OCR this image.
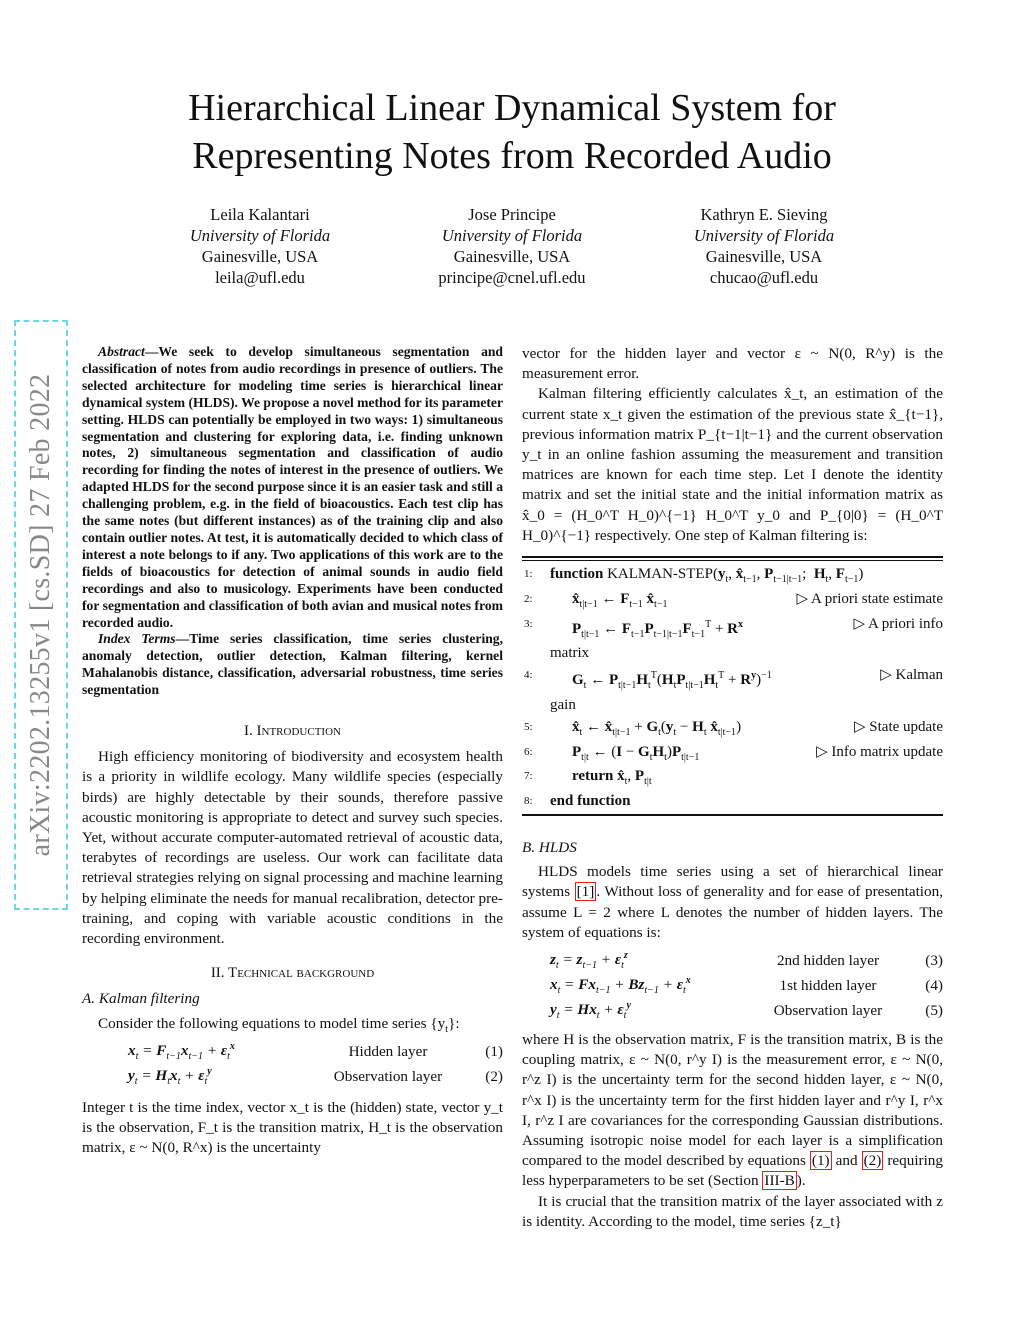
Hierarchical Linear Dynamical System for
Representing Notes from Recorded Audio
Leila Kalantari
University of Florida
Gainesville, USA
leila@ufl.edu
Jose Principe
University of Florida
Gainesville, USA
principe@cnel.ufl.edu
Kathryn E. Sieving
University of Florida
Gainesville, USA
chucao@ufl.edu
arXiv:2202.13255v1 [cs.SD] 27 Feb 2022

Abstract—We seek to develop simultaneous segmentation and classification of notes from audio recordings in presence of outliers. The selected architecture for modeling time series is hierarchical linear dynamical system (HLDS). We propose a novel method for its parameter setting. HLDS can potentially be employed in two ways: 1) simultaneous segmentation and clustering for exploring data, i.e. finding unknown notes, 2) simultaneous segmentation and classification of audio recording for finding the notes of interest in the presence of outliers. We adapted HLDS for the second purpose since it is an easier task and still a challenging problem, e.g. in the field of bioacoustics. Each test clip has the same notes (but different instances) as of the training clip and also contain outlier notes. At test, it is automatically decided to which class of interest a note belongs to if any. Two applications of this work are to the fields of bioacoustics for detection of animal sounds in audio field recordings and also to musicology. Experiments have been conducted for segmentation and classification of both avian and musical notes from recorded audio.

Index Terms—Time series classification, time series clustering, anomaly detection, outlier detection, Kalman filtering, kernel Mahalanobis distance, classification, adversarial robustness, time series segmentation

I. Introduction

High efficiency monitoring of biodiversity and ecosystem health is a priority in wildlife ecology. Many wildlife species (especially birds) are highly detectable by their sounds, therefore passive acoustic monitoring is appropriate to detect and survey such species. Yet, without accurate computer-automated retrieval of acoustic data, terabytes of recordings are useless. Our work can facilitate data retrieval strategies relying on signal processing and machine learning by helping eliminate the needs for manual recalibration, detector pre-training, and coping with variable acoustic conditions in the recording environment.

II. Technical background
A. Kalman filtering

Consider the following equations to model time series $\{y_t\}$:

$x_t = F_{t-1}x_{t-1} + \varepsilon_t^x$	Hidden layer	(1)
$y_t = H_tx_t + \varepsilon_t^y$	Observation layer	(2)

Integer t is the time index, vector x_t is the (hidden) state, vector y_t is the observation, F_t is the transition matrix, H_t is the observation matrix, ε ~ N(0, R^x) is the uncertainty

vector for the hidden layer and vector ε ~ N(0, R^y) is the measurement error.

Kalman filtering efficiently calculates x̂_t, an estimation of the current state x_t given the estimation of the previous state x̂_{t−1}, previous information matrix P_{t−1|t−1} and the current observation y_t in an online fashion assuming the measurement and transition matrices are known for each time step. Let I denote the identity matrix and set the initial state and the initial information matrix as x̂_0 = (H_0^T H_0)^{−1} H_0^T y_0 and P_{0|0} = (H_0^T H_0)^{−1} respectively. One step of Kalman filtering is:

1:	function KALMAN-$STEP(y_t$, $x̂_{t-1}$, $P_{t-1|t-1}$;  $H_t$, $F_{t-1}$)
2:	$x̂_{t|t-1}$ ← $F_{t-1}$ $x̂_{t-1}$	▷ A priori state estimate
3:	$P_{t|t-1}$ ← $F_{t-1}P_{t-1|t-1}F_{t-1}^T + R^x$	▷ A priori info
matrix
4:	$G_t$ ← $P_{t|t-1}H_t^T(H_tP_{t|t-1}H_t^T + R^y)^{-1}$	▷ Kalman
gain
5:	$x̂_t$ ← $x̂_{t|t-1} + G_t(y_t - H_t$ $x̂_{t|t-1}$)	▷ State update
6:	$P_{t|t}$ ← $(I - G_tH_t)P_{t|t-1}$	▷ Info matrix update
7:	return $x̂_t$, $P_{t|t}$
8:	end function
B. HLDS

HLDS models time series using a set of hierarchical linear systems [1] . Without loss of generality and for ease of presentation, assume L = 2 where L denotes the number of hidden layers. The system of equations is:

$z_t = z_{t-1} + \varepsilon_t^z$	2nd hidden layer	(3)
$x_t = Fx_{t-1} + Bz_{t-1} + \varepsilon_t^x$	1st hidden layer	(4)
$y_t = Hx_t + \varepsilon_t^y$	Observation layer	(5)

where H is the observation matrix, F is the transition matrix, B is the coupling matrix, ε ~ N(0, r^y I) is the measurement error, ε ~ N(0, r^z I) is the uncertainty term for the second hidden layer, ε ~ N(0, r^x I) is the uncertainty term for the first hidden layer and r^y I, r^x I, r^z I are covariances for the corresponding Gaussian distributions. Assuming isotropic noise model for each layer is a simplification compared to the model described by equations (1) and (2) requiring less hyperparameters to be set (Section III-B ).

It is crucial that the transition matrix of the layer associated with z is identity. According to the model, time series {z_t}
